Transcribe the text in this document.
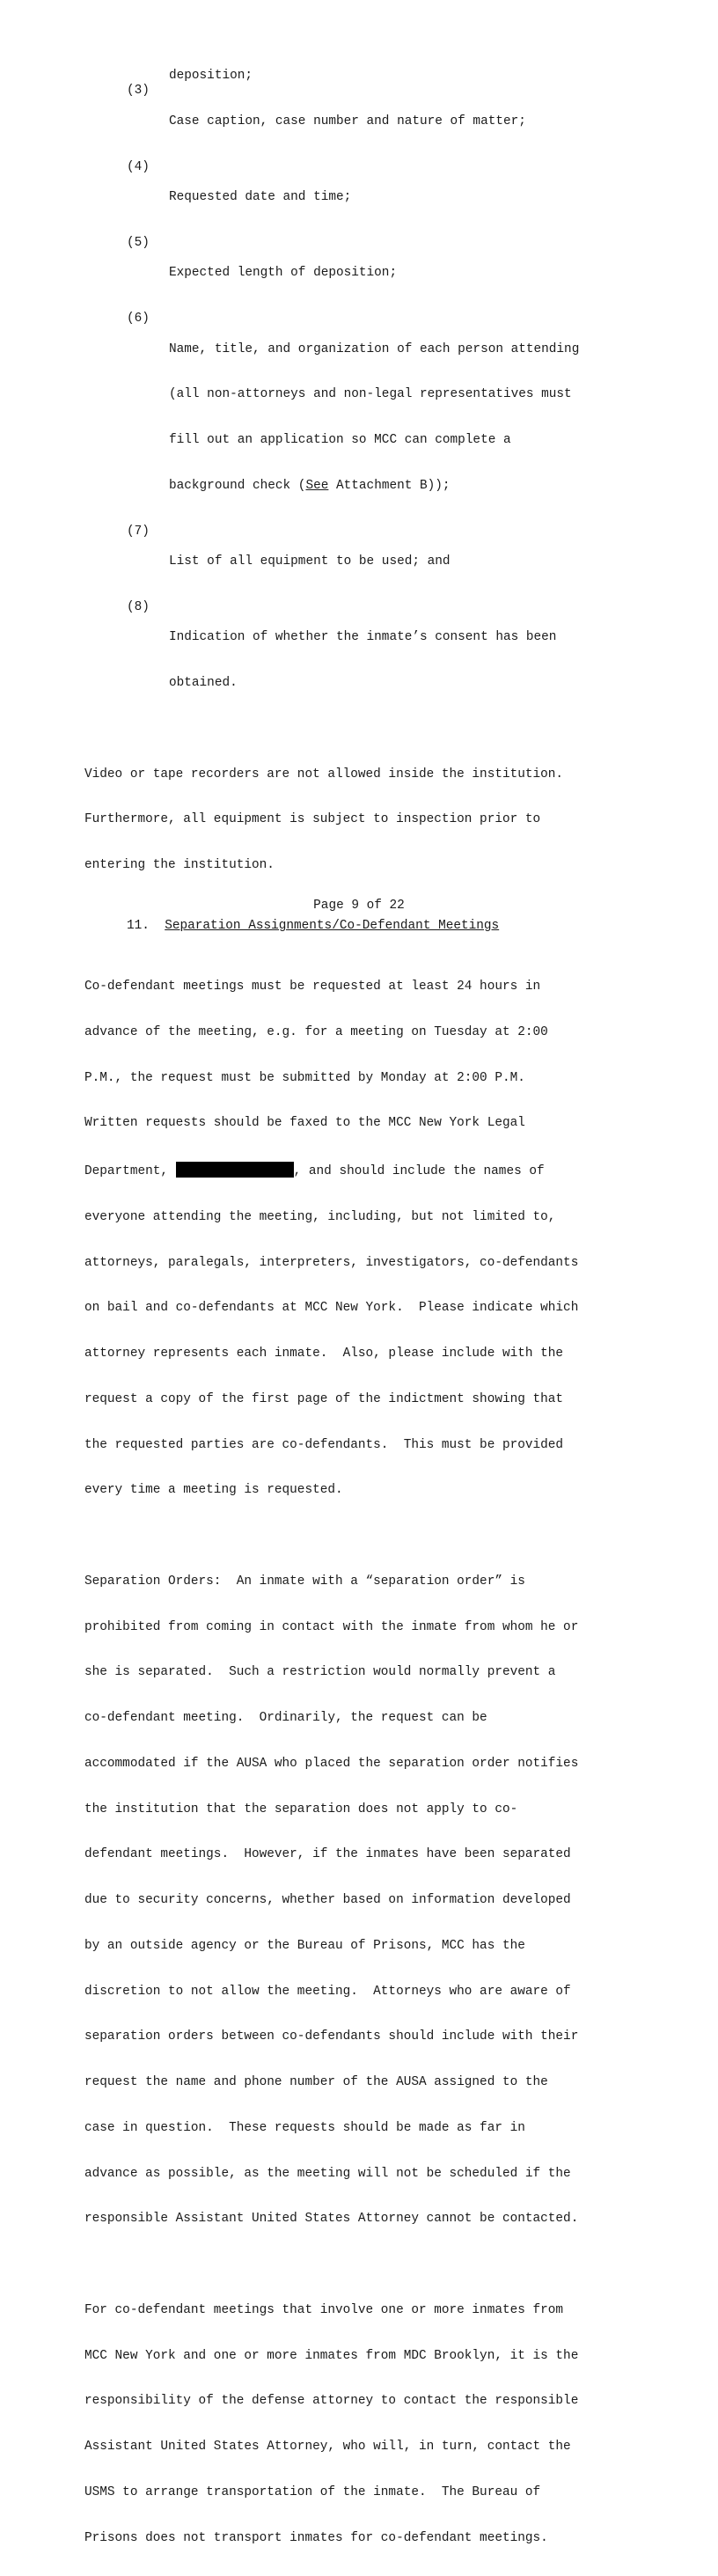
deposition;
(3)

Case caption, case number and nature of matter;

(4)

Requested date and time;

(5)

Expected length of deposition;

(6)

Name, title, and organization of each person attending

(all non-attorneys and non-legal representatives must

fill out an application so MCC can complete a

background check (See Attachment B));

(7)

List of all equipment to be used; and

(8)

Indication of whether the inmate’s consent has been

obtained.

Video or tape recorders are not allowed inside the institution.

Furthermore, all equipment is subject to inspection prior to

entering the institution.

11. Separation Assignments/Co-Defendant Meetings

Co-defendant meetings must be requested at least 24 hours in

advance of the meeting, e.g. for a meeting on Tuesday at 2:00

P.M., the request must be submitted by Monday at 2:00 P.M.

Written requests should be faxed to the MCC New York Legal

Department,	, and should include the names of

everyone attending the meeting, including, but not limited to,

attorneys, paralegals, interpreters, investigators, co-defendants

on bail and co-defendants at MCC New York.  Please indicate which

attorney represents each inmate.  Also, please include with the

request a copy of the first page of the indictment showing that

the requested parties are co-defendants.  This must be provided

every time a meeting is requested.

Separation Orders:  An inmate with a “separation order” is

prohibited from coming in contact with the inmate from whom he or

she is separated.  Such a restriction would normally prevent a

co-defendant meeting.  Ordinarily, the request can be

accommodated if the AUSA who placed the separation order notifies

the institution that the separation does not apply to co-

defendant meetings.  However, if the inmates have been separated

due to security concerns, whether based on information developed

by an outside agency or the Bureau of Prisons, MCC has the

discretion to not allow the meeting.  Attorneys who are aware of

separation orders between co-defendants should include with their

request the name and phone number of the AUSA assigned to the

case in question.  These requests should be made as far in

advance as possible, as the meeting will not be scheduled if the

responsible Assistant United States Attorney cannot be contacted.

For co-defendant meetings that involve one or more inmates from

MCC New York and one or more inmates from MDC Brooklyn, it is the

responsibility of the defense attorney to contact the responsible

Assistant United States Attorney, who will, in turn, contact the

USMS to arrange transportation of the inmate.  The Bureau of

Prisons does not transport inmates for co-defendant meetings.

Page 9 of 22
